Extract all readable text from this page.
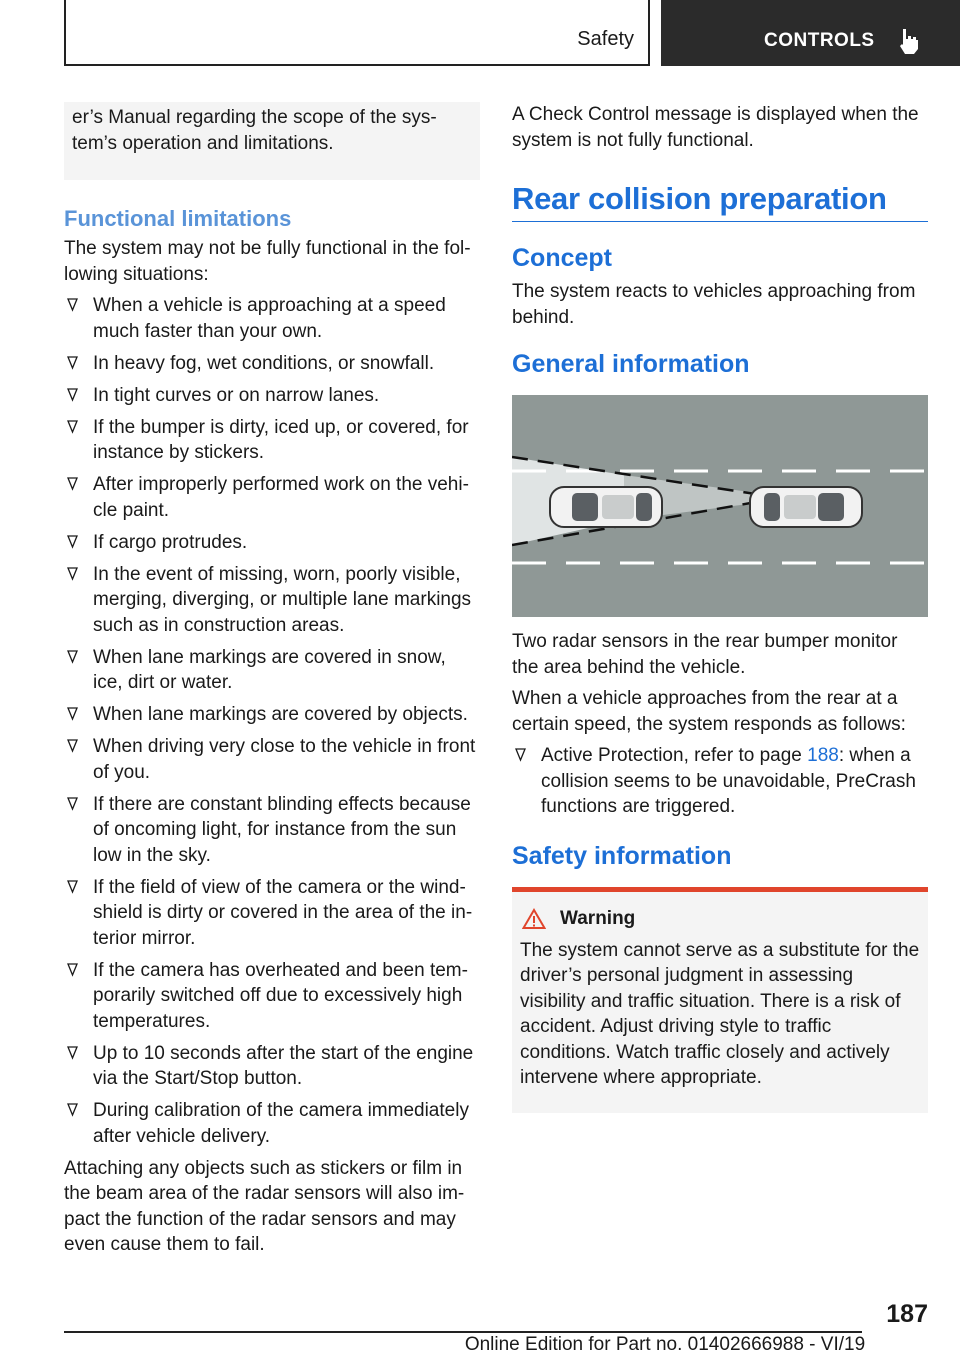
Safety	CONTROLS

er’s Manual regarding the scope of the system’s operation and limitations.

Functional limitations

The system may not be fully functional in the following situations:

When a vehicle is approaching at a speed much faster than your own.
In heavy fog, wet conditions, or snowfall.
In tight curves or on narrow lanes.
If the bumper is dirty, iced up, or covered, for instance by stickers.
After improperly performed work on the vehicle paint.
If cargo protrudes.
In the event of missing, worn, poorly visible, merging, diverging, or multiple lane markings such as in construction areas.
When lane markings are covered in snow, ice, dirt or water.
When lane markings are covered by objects.
When driving very close to the vehicle in front of you.
If there are constant blinding effects because of oncoming light, for instance from the sun low in the sky.
If the field of view of the camera or the windshield is dirty or covered in the area of the interior mirror.
If the camera has overheated and been temporarily switched off due to excessively high temperatures.
Up to 10 seconds after the start of the engine via the Start/Stop button.
During calibration of the camera immediately after vehicle delivery.

Attaching any objects such as stickers or film in the beam area of the radar sensors will also impact the function of the radar sensors and may even cause them to fail.

A Check Control message is displayed when the system is not fully functional.

Rear collision preparation
Concept

The system reacts to vehicles approaching from behind.

General information

Two radar sensors in the rear bumper monitor the area behind the vehicle.

When a vehicle approaches from the rear at a certain speed, the system responds as follows:

Active Protection, refer to page 188: when a collision seems to be unavoidable, PreCrash functions are triggered.
Safety information
Warning

The system cannot serve as a substitute for the driver’s personal judgment in assessing visibility and traffic situation. There is a risk of accident. Adjust driving style to traffic conditions. Watch traffic closely and actively intervene where appropriate.

187
Online Edition for Part no. 01402666988 - VI/19
